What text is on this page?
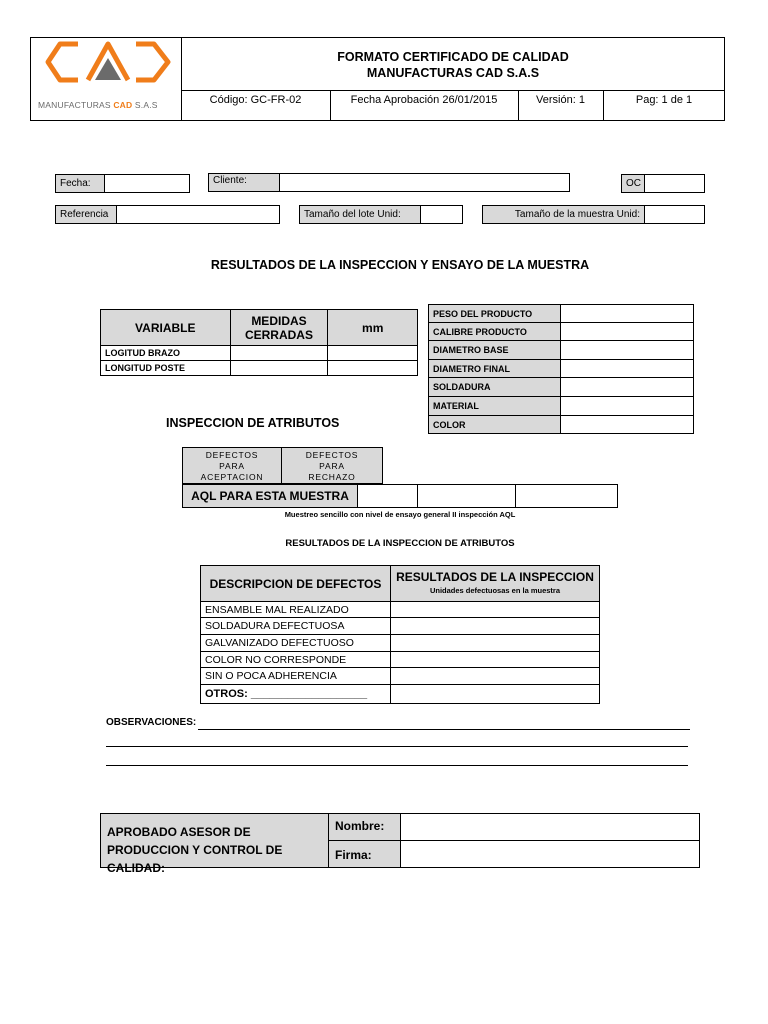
MANUFACTURAS CAD S.A.S
FORMATO CERTIFICADO DE CALIDAD
MANUFACTURAS CAD S.A.S
Código: GC-FR-02	Fecha Aprobación 26/01/2015	Versión: 1	Pag: 1 de 1
Fecha:	Cliente:	OC
Referencia	Tamaño del lote Unid:	Tamaño de la muestra Unid:
RESULTADOS DE LA INSPECCION Y ENSAYO DE LA MUESTRA
VARIABLE	MEDIDAS CERRADAS	mm
LOGITUD BRAZO		
LONGITUD POSTE		
PESO DEL PRODUCTO	
CALIBRE PRODUCTO	
DIAMETRO BASE	
DIAMETRO FINAL	
SOLDADURA	
MATERIAL	
COLOR	
INSPECCION DE ATRIBUTOS
DEFECTOS PARA ACEPTACION
DEFECTOS PARA RECHAZO
AQL PARA ESTA MUESTRA
Muestreo sencillo con nivel de ensayo general II inspección AQL
RESULTADOS DE LA INSPECCION DE ATRIBUTOS
DESCRIPCION DE DEFECTOS	RESULTADOS DE LA INSPECCION
Unidades defectuosas en la muestra

ENSAMBLE MAL REALIZADO	
SOLDADURA DEFECTUOSA	
GALVANIZADO DEFECTUOSO	
COLOR NO CORRESPONDE	
SIN O POCA ADHERENCIA	
OTROS: ___________________	
OBSERVACIONES:
APROBADO ASESOR DE PRODUCCION Y CONTROL DE CALIDAD:
Nombre:
Firma:
